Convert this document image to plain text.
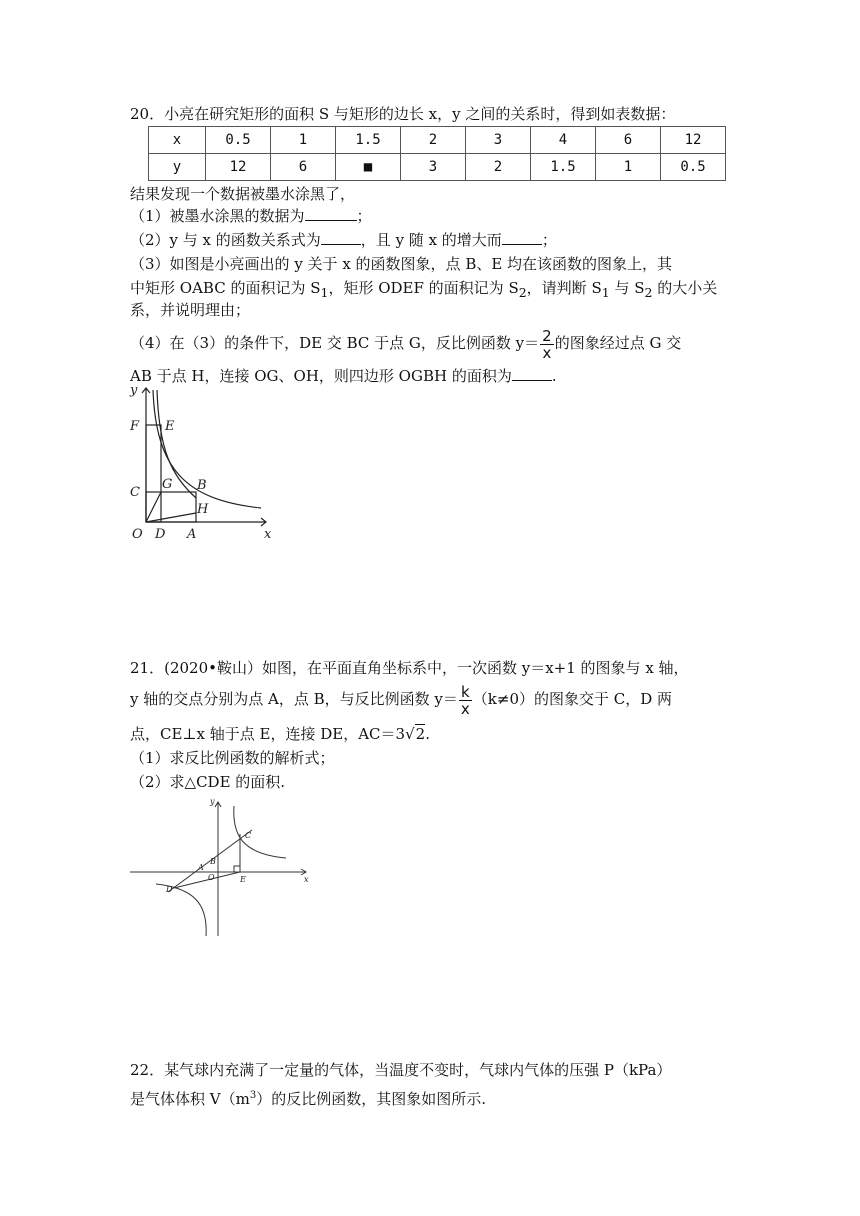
20．小亮在研究矩形的面积 S 与矩形的边长 x，y 之间的关系时，得到如表数据：
x	0.5	1	1.5	2	3	4	6	12
y	12	6	■	3	2	1.5	1	0.5
结果发现一个数据被墨水涂黑了，
（1）被墨水涂黑的数据为	；
（2）y 与 x 的函数关系式为	，且 y 随 x 的增大而	；
（3）如图是小亮画出的 y 关于 x 的函数图象，点 B、E 均在该函数的图象上，其
中矩形 OABC 的面积记为 $S_1$，矩形 ODEF 的面积记为 $S_2$，请判断 $S_1$ 与 $S_2$ 的大小关
系，并说明理由；
（4）在（3）的条件下，DE 交 BC 于点 G，反比例函数 $y= \frac{2}{x}$ 的图象经过点 G 交
AB 于点 H，连接 OG、OH，则四边形 OGBH 的面积为	.
y
x
F E
C
G B
H
O D A
21．(2020•鞍山）如图，在平面直角坐标系中，一次函数 y＝x+1 的图象与 x 轴，
y 轴的交点分别为点 A，点 B，与反比例函数 $y= \frac{k}{x} (k\ne 0)$的图象交于 C，D 两
点，CE⊥x 轴于点 E，连接 DE，AC＝3√2.
（1）求反比例函数的解析式；
（2）求△CDE 的面积.
y
x
C
B
A
O	E
D
22．某气球内充满了一定量的气体，当温度不变时，气球内气体的压强 P（kPa）
是气体体积 $V(m^3)$的反比例函数，其图象如图所示.
